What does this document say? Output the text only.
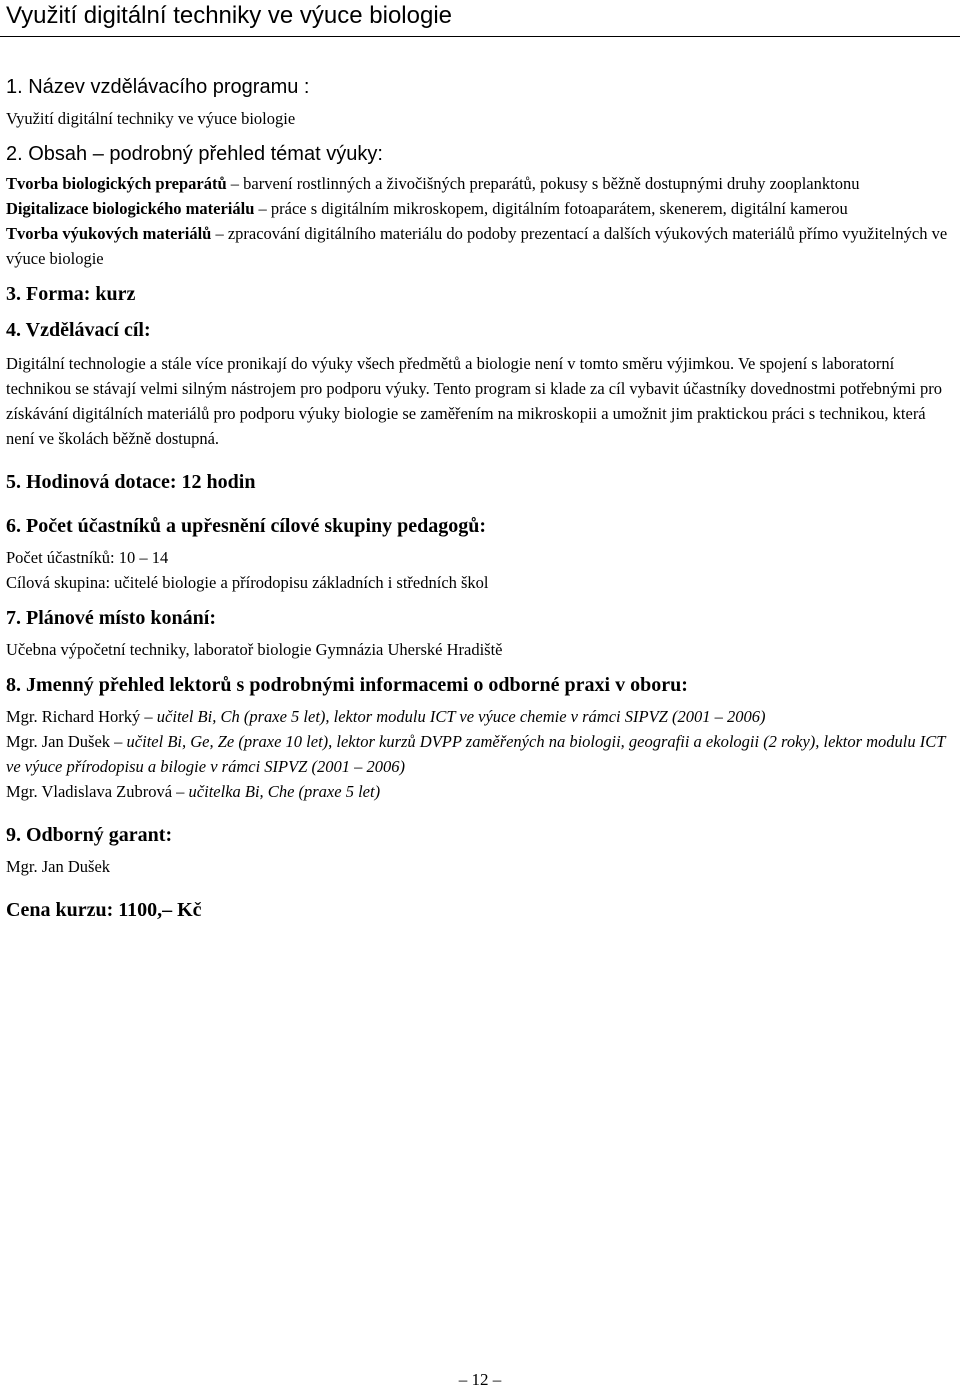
Využití digitální techniky ve výuce biologie
1. Název vzdělávacího programu :

Využití digitální techniky ve výuce biologie

2. Obsah – podrobný přehled témat výuky:

Tvorba biologických preparátů – barvení rostlinných a živočišných preparátů, pokusy s běžně dostupnými druhy zooplanktonu

Digitalizace biologického materiálu – práce s digitálním mikroskopem, digitálním fotoaparátem, skenerem, digitální kamerou

Tvorba výukových materiálů – zpracování digitálního materiálu do podoby prezentací a dalších výukových materiálů přímo využitelných ve výuce biologie

3. Forma: kurz
4. Vzdělávací cíl:

Digitální technologie a stále více pronikají do výuky všech předmětů a biologie není v tomto směru výjimkou. Ve spojení s laboratorní technikou se stávají velmi silným nástrojem pro podporu výuky. Tento program si klade za cíl vybavit účastníky dovednostmi potřebnými pro získávání digitálních materiálů pro podporu výuky biologie se zaměřením na mikroskopii a umožnit jim praktickou práci s technikou, která není ve školách běžně dostupná.

5. Hodinová dotace: 12 hodin
6. Počet účastníků a upřesnění cílové skupiny pedagogů:

Počet účastníků: 10 – 14

Cílová skupina: učitelé biologie a přírodopisu základních i středních škol

7. Plánové místo konání:

Učebna výpočetní techniky, laboratoř biologie Gymnázia Uherské Hradiště

8. Jmenný přehled lektorů s podrobnými informacemi o odborné praxi v oboru:

Mgr. Richard Horký – učitel Bi, Ch (praxe 5 let), lektor modulu ICT ve výuce chemie v rámci SIPVZ (2001 – 2006)

Mgr. Jan Dušek – učitel Bi, Ge, Ze (praxe 10 let), lektor kurzů DVPP zaměřených na biologii, geografii a ekologii (2 roky), lektor modulu ICT ve výuce přírodopisu a bilogie v rámci SIPVZ (2001 – 2006)

Mgr. Vladislava Zubrová – učitelka Bi, Che (praxe 5 let)

9. Odborný garant:

Mgr. Jan Dušek

Cena kurzu: 1100,– Kč
– 12 –
